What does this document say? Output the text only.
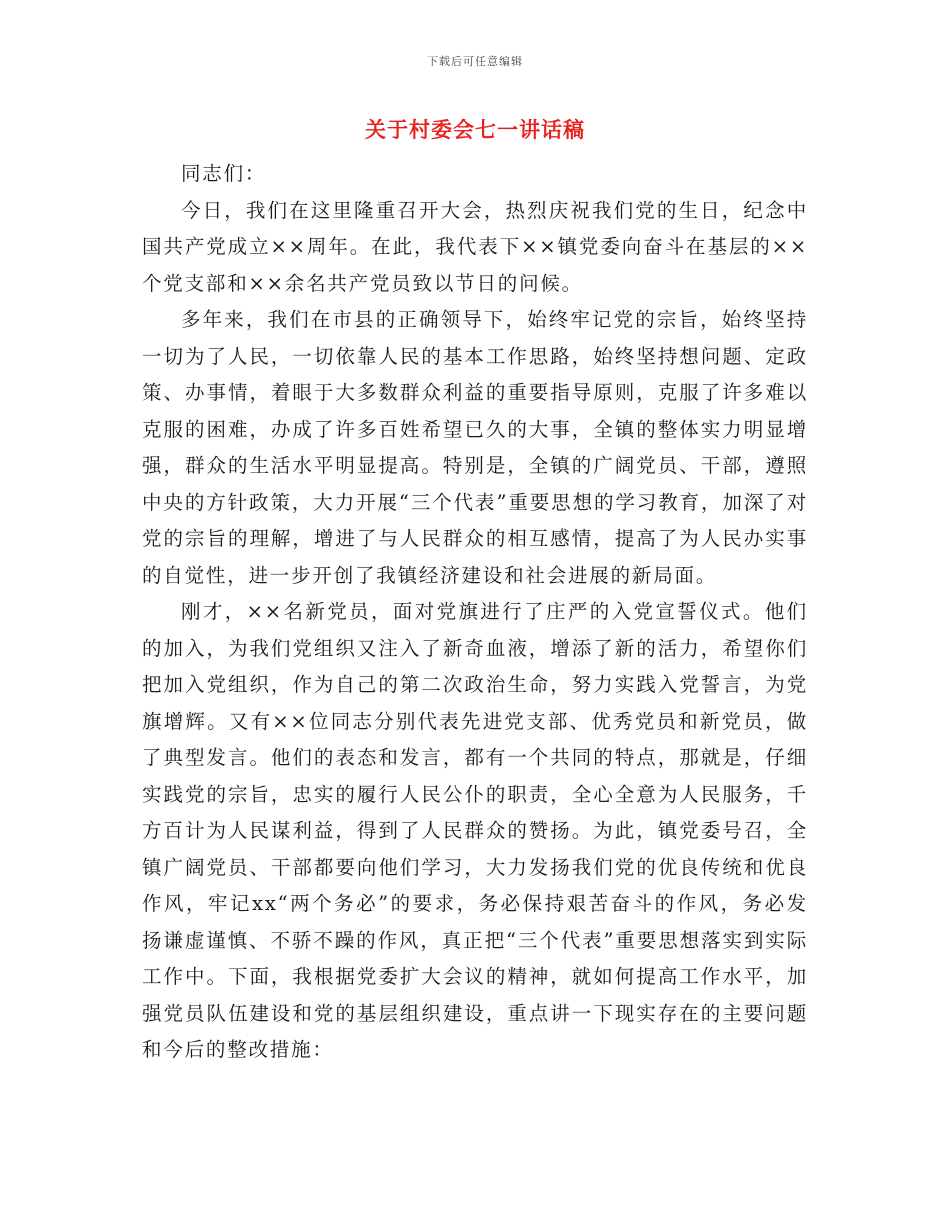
下载后可任意编辑
关于村委会七一讲话稿

同志们：

今日，我们在这里隆重召开大会，热烈庆祝我们党的生日，纪念中国共产党成立××周年。在此，我代表下××镇党委向奋斗在基层的××个党支部和××余名共产党员致以节日的问候。

多年来，我们在市县的正确领导下，始终牢记党的宗旨，始终坚持一切为了人民，一切依靠人民的基本工作思路，始终坚持想问题、定政策、办事情，着眼于大多数群众利益的重要指导原则，克服了许多难以克服的困难，办成了许多百姓希望已久的大事，全镇的整体实力明显增强，群众的生活水平明显提高。特别是，全镇的广阔党员、干部，遵照中央的方针政策，大力开展“三个代表”重要思想的学习教育，加深了对党的宗旨的理解，增进了与人民群众的相互感情，提高了为人民办实事的自觉性，进一步开创了我镇经济建设和社会进展的新局面。

刚才，××名新党员，面对党旗进行了庄严的入党宣誓仪式。他们的加入，为我们党组织又注入了新奇血液，增添了新的活力，希望你们把加入党组织，作为自己的第二次政治生命，努力实践入党誓言，为党旗增辉。又有××位同志分别代表先进党支部、优秀党员和新党员，做了典型发言。他们的表态和发言，都有一个共同的特点，那就是，仔细实践党的宗旨，忠实的履行人民公仆的职责，全心全意为人民服务，千方百计为人民谋利益，得到了人民群众的赞扬。为此，镇党委号召，全镇广阔党员、干部都要向他们学习，大力发扬我们党的优良传统和优良作风，牢记xx“两个务必”的要求，务必保持艰苦奋斗的作风，务必发扬谦虚谨慎、不骄不躁的作风，真正把“三个代表”重要思想落实到实际工作中。下面，我根据党委扩大会议的精神，就如何提高工作水平，加强党员队伍建设和党的基层组织建设，重点讲一下现实存在的主要问题和今后的整改措施：
